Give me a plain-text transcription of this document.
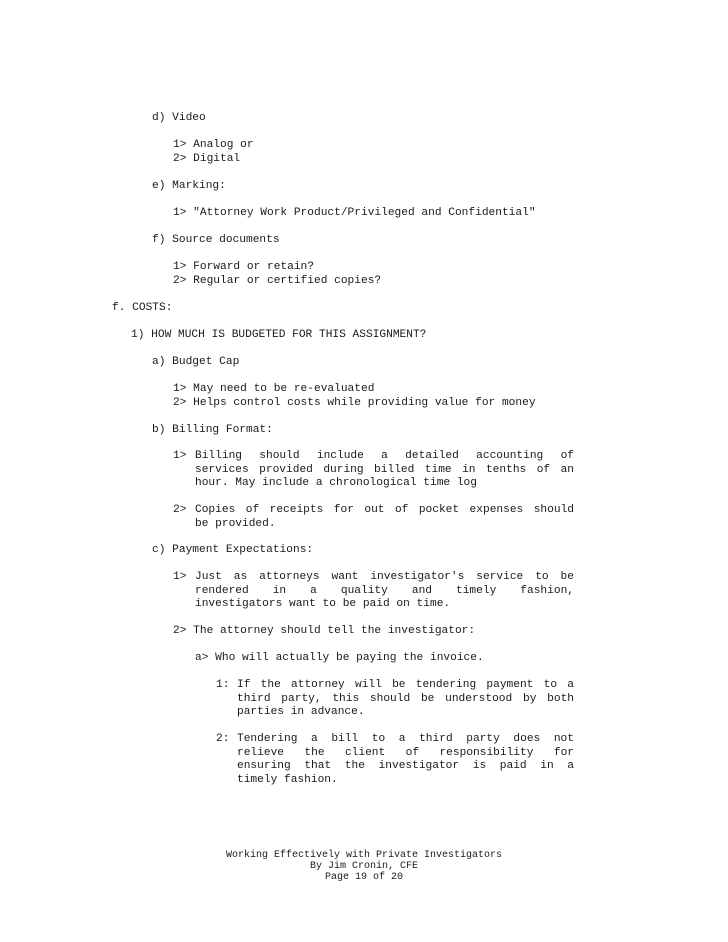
d) Video
1> Analog or
2> Digital
e) Marking:
1> "Attorney Work Product/Privileged and Confidential"
f) Source documents
1> Forward or retain?
2> Regular or certified copies?
f. COSTS:
1) HOW MUCH IS BUDGETED FOR THIS ASSIGNMENT?
a) Budget Cap
1> May need to be re-evaluated
2> Helps control costs while providing value for money
b) Billing Format:
1> Billing should include a detailed accounting of
services provided during billed time in tenths of an
hour. May include a chronological time log
2> Copies of receipts for out of pocket expenses should
be provided.
c) Payment Expectations:
1> Just as attorneys want investigator's service to be
rendered in a quality and timely fashion,
investigators want to be paid on time.
2> The attorney should tell the investigator:
a> Who will actually be paying the invoice.
1: If the attorney will be tendering payment to a
third party, this should be understood by both
parties in advance.
2: Tendering a bill to a third party does not
relieve the client of responsibility for
ensuring that the investigator is paid in a
timely fashion.
Working Effectively with Private Investigators
By Jim Cronin, CFE
Page 19 of 20
